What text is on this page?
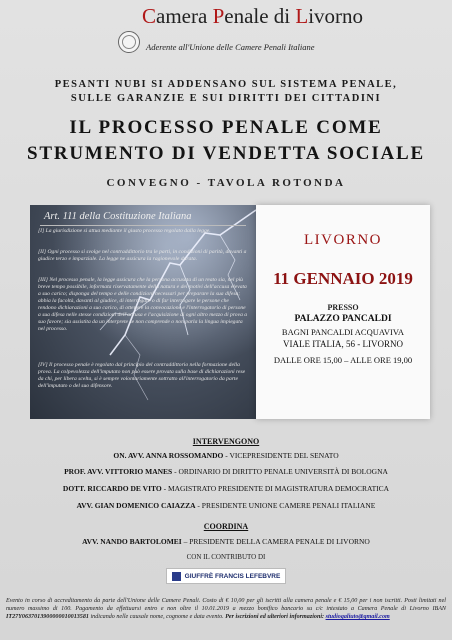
Camera Penale di Livorno
Aderente all'Unione delle Camere Penali Italiane
PESANTI NUBI SI ADDENSANO SUL SISTEMA PENALE,
SULLE GARANZIE E SUI DIRITTI DEI CITTADINI
IL PROCESSO PENALE COME
STRUMENTO DI VENDETTA SOCIALE
CONVEGNO - TAVOLA ROTONDA
Art. 111 della Costituzione Italiana
[I] La giurisdizione si attua mediante il giusto processo regolato dalla legge.
[II] Ogni processo si svolge nel contraddittorio tra le parti, in condizioni di parità, davanti a giudice terzo e imparziale. La legge ne assicura la ragionevole durata.
[III] Nel processo penale, la legge assicura che la persona accusata di un reato sia, nel più breve tempo possibile, informata riservatamente della natura e dei motivi dell'accusa elevata a suo carico; disponga del tempo e delle condizioni necessari per preparare la sua difesa; abbia la facoltà, davanti al giudice, di interrogare o di far interrogare le persone che rendono dichiarazioni a suo carico, di ottenere la convocazione e l'interrogatorio di persone a sua difesa nelle stesse condizioni dell'accusa e l'acquisizione di ogni altro mezzo di prova a suo favore; sia assistita da un interprete se non comprende o non parla la lingua impiegata nel processo.
[IV] Il processo penale è regolato dal principio del contraddittorio nella formazione della prova. La colpevolezza dell'imputato non può essere provata sulla base di dichiarazioni rese da chi, per libera scelta, si è sempre volontariamente sottratto all'interrogatorio da parte dell'imputato o del suo difensore.
LIVORNO
11 GENNAIO 2019
PRESSO
PALAZZO PANCALDI
BAGNI PANCALDI ACQUAVIVA
VIALE ITALIA, 56 - LIVORNO
DALLE ORE 15,00 – ALLE ORE 19,00
INTERVENGONO
ON. AVV. ANNA ROSSOMANDO - VICEPRESIDENTE DEL SENATO
PROF. AVV. VITTORIO MANES - ORDINARIO DI DIRITTO PENALE UNIVERSITÀ DI BOLOGNA
DOTT. RICCARDO DE VITO - MAGISTRATO PRESIDENTE DI MAGISTRATURA DEMOCRATICA
AVV. GIAN DOMENICO CAIAZZA - PRESIDENTE UNIONE CAMERE PENALI ITALIANE
COORDINA
AVV. NANDO BARTOLOMEI – PRESIDENTE DELLA CAMERA PENALE DI LIVORNO
CON IL CONTRIBUTO DI
GIUFFRÈ FRANCIS LEFEBVRE
Evento in corso di accreditamento da parte dell'Unione delle Camere Penali. Costo di € 10,00 per gli iscritti alla camera penale e € 15,00 per i non iscritti. Posti limitati nel numero massimo di 100. Pagamento da effettuarsi entro e non oltre il 10.01.2019 a mezzo bonifico bancario su c/c intestato a Camera Penale di Livorno IBAN IT27Y0637013900000010013581 indicando nelle causale nome, cognome e data evento. Per iscrizioni ed ulteriori informazioni: studiogaliuto@gmail.com
